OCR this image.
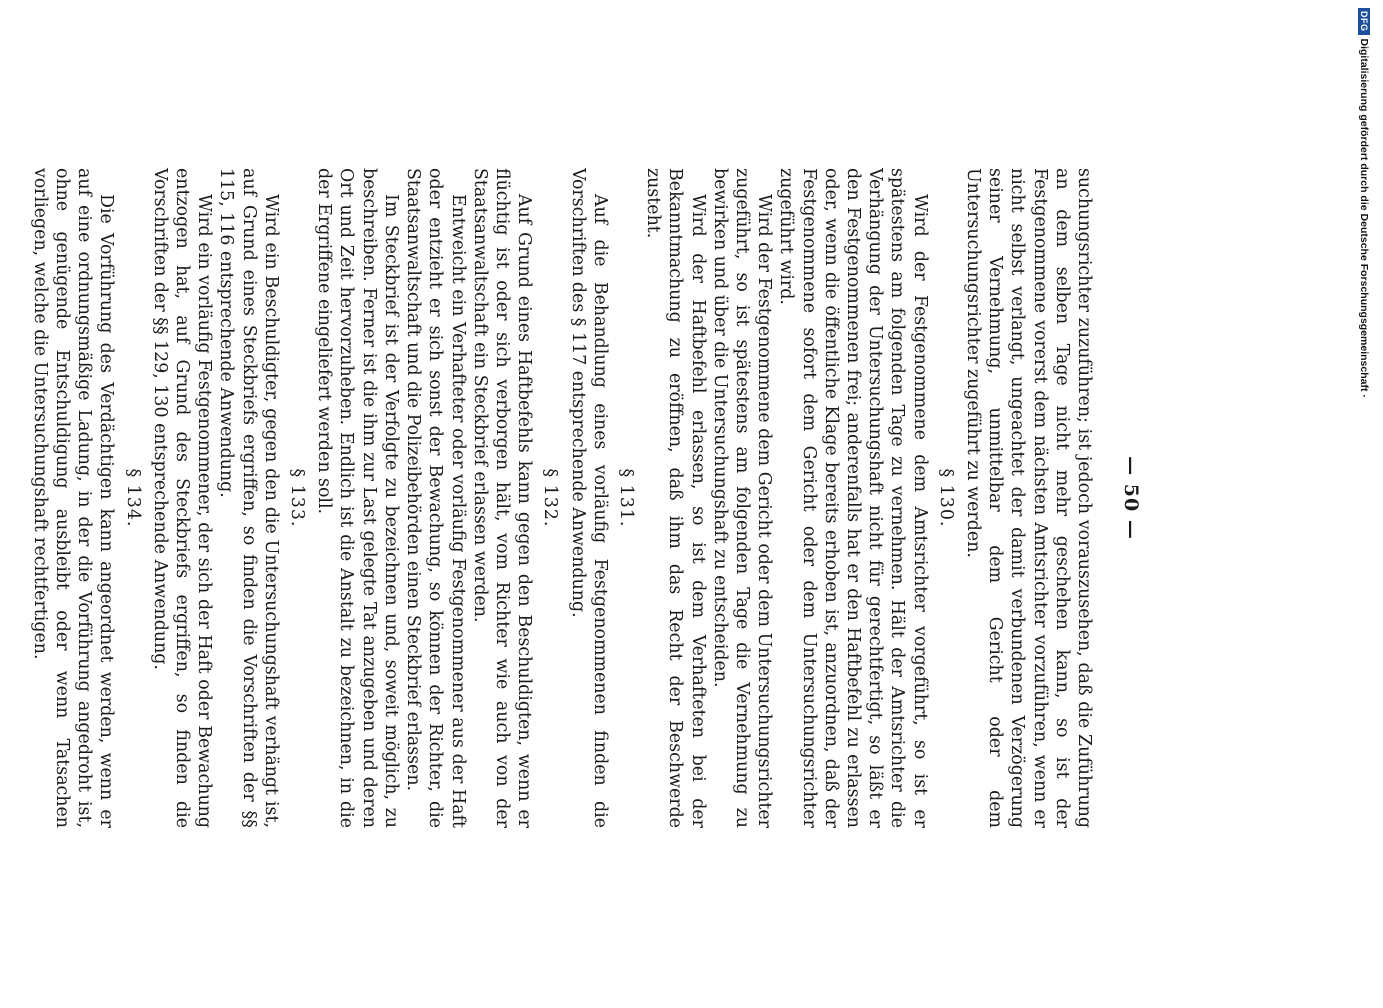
DFGDigitalisierung gefördert durch die Deutsche Forschungsgemeinschaft ·
— 50 —

suchungsrichter zuzuführen; ist jedoch vorauszusehen, daß die Zuführung an dem selben Tage nicht mehr geschehen kann, so ist der Festgenommene vorerst dem nächsten Amtsrichter vorzuführen, wenn er nicht selbst verlangt, ungeachtet der damit verbundenen Verzögerung seiner Vernehmung, unmittelbar dem Gericht oder dem Untersuchungsrichter zugeführt zu werden.

§ 130.

Wird der Festgenommene dem Amtsrichter vorgeführt, so ist er spätestens am folgenden Tage zu vernehmen. Hält der Amtsrichter die Verhängung der Untersuchungshaft nicht für gerechtfertigt, so läßt er den Festgenommenen frei; anderenfalls hat er den Haftbefehl zu erlassen oder, wenn die öffentliche Klage bereits erhoben ist, anzuordnen, daß der Festgenommene sofort dem Gericht oder dem Untersuchungsrichter zugeführt wird.

Wird der Festgenommene dem Gericht oder dem Untersuchungsrichter zugeführt, so ist spätestens am folgenden Tage die Vernehmung zu bewirken und über die Untersuchungshaft zu entscheiden.

Wird der Haftbefehl erlassen, so ist dem Verhafteten bei der Bekanntmachung zu eröffnen, daß ihm das Recht der Beschwerde zusteht.

§ 131.

Auf die Behandlung eines vorläufig Festgenommenen finden die Vorschriften des § 117 entsprechende Anwendung.

§ 132.

Auf Grund eines Haftbefehls kann gegen den Beschuldigten, wenn er flüchtig ist oder sich verborgen hält, vom Richter wie auch von der Staatsanwaltschaft ein Steckbrief erlassen werden.

Entweicht ein Verhafteter oder vorläufig Festgenommener aus der Haft oder entzieht er sich sonst der Bewachung, so können der Richter, die Staatsanwaltschaft und die Polizeibehörden einen Steckbrief erlassen.

Im Steckbrief ist der Verfolgte zu bezeichnen und, soweit möglich, zu beschreiben. Ferner ist die ihm zur Last gelegte Tat anzugeben und deren Ort und Zeit hervorzuheben. Endlich ist die Anstalt zu bezeichnen, in die der Ergriffene eingeliefert werden soll.

§ 133.

Wird ein Beschuldigter, gegen den die Untersuchungshaft verhängt ist, auf Grund eines Steckbriefs ergriffen, so finden die Vorschriften der §§ 115, 116 entsprechende Anwendung.

Wird ein vorläufig Festgenommener, der sich der Haft oder Bewachung entzogen hat, auf Grund des Steckbriefs ergriffen, so finden die Vorschriften der §§ 129, 130 entsprechende Anwendung.

§ 134.

Die Vorführung des Verdächtigen kann angeordnet werden, wenn er auf eine ordnungsmäßige Ladung, in der die Vorführung angedroht ist, ohne genügende Entschuldigung ausbleibt oder wenn Tatsachen vorliegen, welche die Untersuchungshaft rechtfertigen.
